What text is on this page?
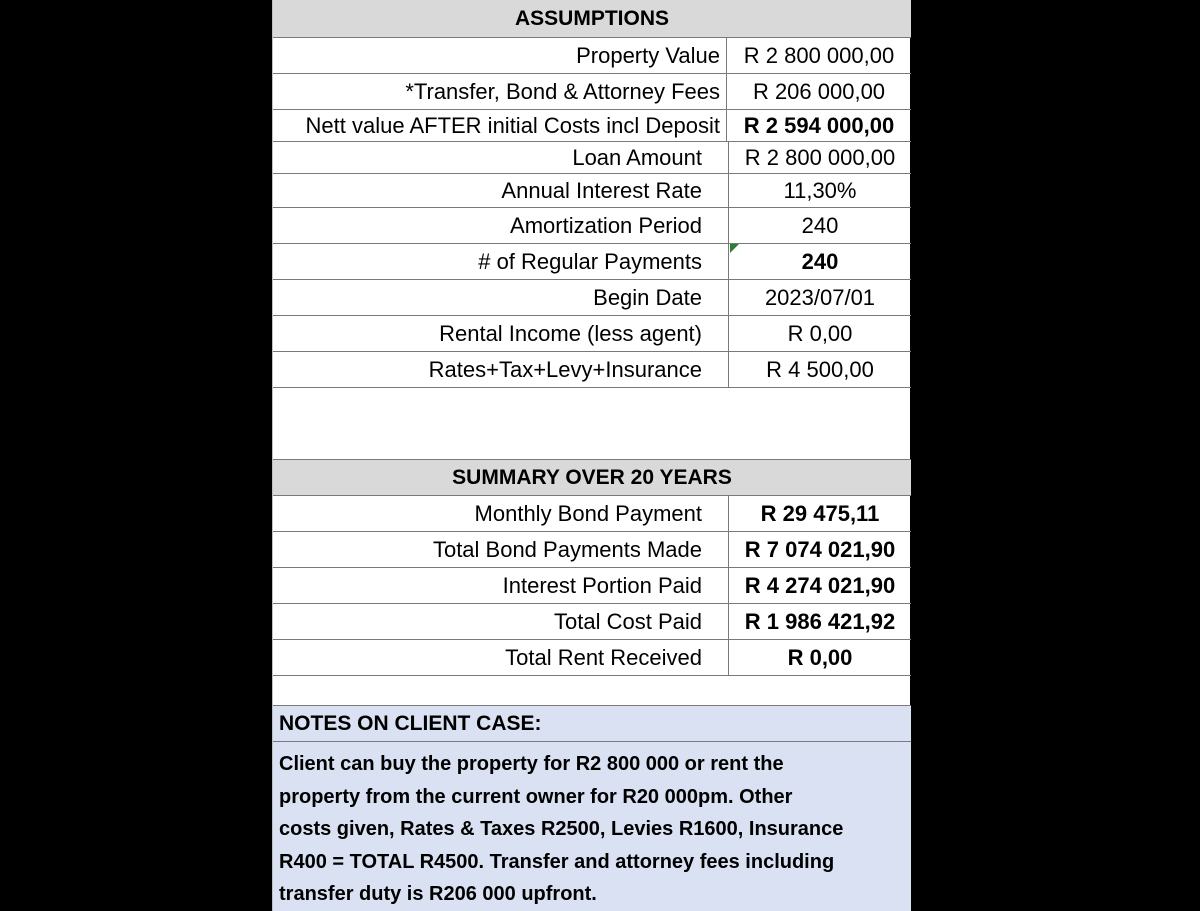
ASSUMPTIONS
Property Value	R 2 800 000,00
*Transfer, Bond & Attorney Fees	R 206 000,00
Nett value AFTER initial Costs incl Deposit	R 2 594 000,00
Loan Amount	R 2 800 000,00
Annual Interest Rate	11,30%
Amortization Period	240
# of Regular Payments	240
Begin Date	2023/07/01
Rental Income (less agent)	R 0,00
Rates+Tax+Levy+Insurance	R 4 500,00
SUMMARY OVER 20 YEARS
Monthly Bond Payment	R 29 475,11
Total Bond Payments Made	R 7 074 021,90
Interest Portion Paid	R 4 274 021,90
Total Cost Paid	R 1 986 421,92
Total Rent Received	R 0,00
NOTES ON CLIENT CASE:
Client can buy the property for R2 800 000 or rent the
property from the current owner for R20 000pm. Other
costs given, Rates & Taxes R2500, Levies R1600, Insurance
R400 = TOTAL R4500. Transfer and attorney fees including
transfer duty is R206 000 upfront.
